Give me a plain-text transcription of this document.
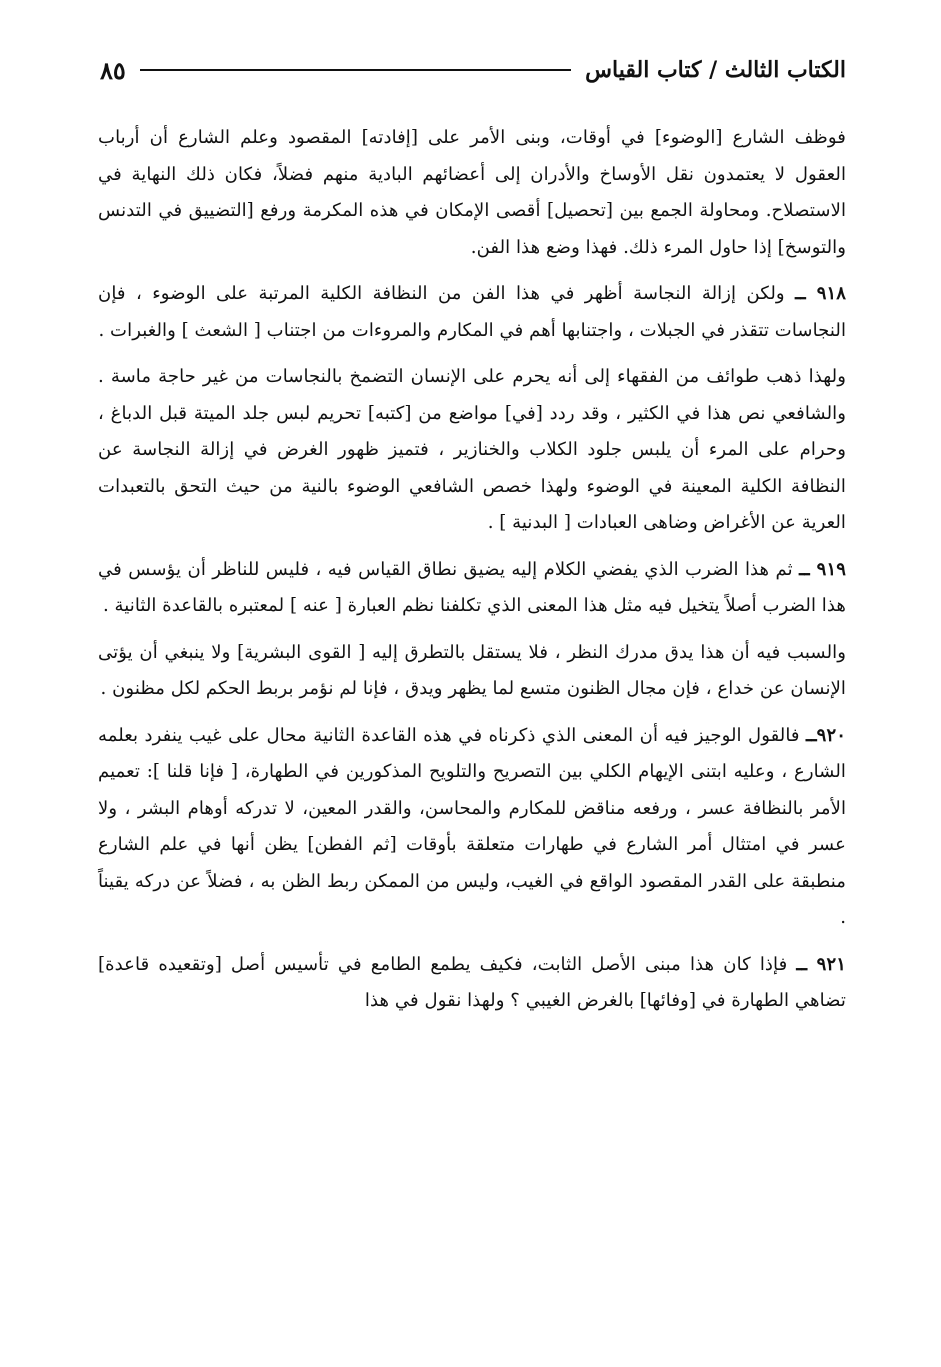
الكتاب الثالث / كتاب القياس
٨٥

فوظف الشارع [الوضوء] في أوقات، وبنى الأمر على [إفادته] المقصود وعلم الشارع أن أرباب العقول لا يعتمدون نقل الأوساخ والأدران إلى أعضائهم البادية منهم فضلاً، فكان ذلك النهاية في الاستصلاح. ومحاولة الجمع بين [تحصيل] أقصى الإمكان في هذه المكرمة ورفع [التضييق في التدنس والتوسخ] إذا حاول المرء ذلك. فهذا وضع هذا الفن.

٩١٨ ــ ولكن إزالة النجاسة أظهر في هذا الفن من النظافة الكلية المرتبة على الوضوء ، فإن النجاسات تتقذر في الجبلات ، واجتنابها أهم في المكارم والمروءات من اجتناب [ الشعث ] والغبرات .

ولهذا ذهب طوائف من الفقهاء إلى أنه يحرم على الإنسان التضمخ بالنجاسات من غير حاجة ماسة . والشافعي نص هذا في الكثير ، وقد ردد [في] مواضع من [كتبه] تحريم لبس جلد الميتة قبل الدباغ ، وحرام على المرء أن يلبس جلود الكلاب والخنازير ، فتميز ظهور الغرض في إزالة النجاسة عن النظافة الكلية المعينة في الوضوء ولهذا خصص الشافعي الوضوء بالنية من حيث التحق بالتعبدات العرية عن الأغراض وضاهى العبادات [ البدنية ] .

٩١٩ ــ ثم هذا الضرب الذي يفضي الكلام إليه يضيق نطاق القياس فيه ، فليس للناظر أن يؤسس في هذا الضرب أصلاً يتخيل فيه مثل هذا المعنى الذي تكلفنا نظم العبارة [ عنه ] لمعتبره بالقاعدة الثانية .

والسبب فيه أن هذا يدق مدرك النظر ، فلا يستقل بالتطرق إليه [ القوى البشرية] ولا ينبغي أن يؤتى الإنسان عن خداع ، فإن مجال الظنون متسع لما يظهر ويدق ، فإنا لم نؤمر بربط الحكم لكل مظنون .

٩٢٠ــ فالقول الوجيز فيه أن المعنى الذي ذكرناه في هذه القاعدة الثانية محال على غيب ينفرد بعلمه الشارع ، وعليه ابتنى الإيهام الكلي بين التصريح والتلويح المذكورين في الطهارة، [ فإنا قلنا ]: تعميم الأمر بالنظافة عسر ، ورفعه مناقض للمكارم والمحاسن، والقدر المعين، لا تدركه أوهام البشر ، ولا عسر في امتثال أمر الشارع في طهارات متعلقة بأوقات [ثم الفطن] يظن أنها في علم الشارع منطبقة على القدر المقصود الواقع في الغيب، وليس من الممكن ربط الظن به ، فضلاً عن دركه يقيناً .

٩٢١ ــ فإذا كان هذا مبنى الأصل الثابت، فكيف يطمع الطامع في تأسيس أصل [وتقعيده قاعدة] تضاهي الطهارة في [وفائها] بالغرض الغيبي ؟ ولهذا نقول في هذا
